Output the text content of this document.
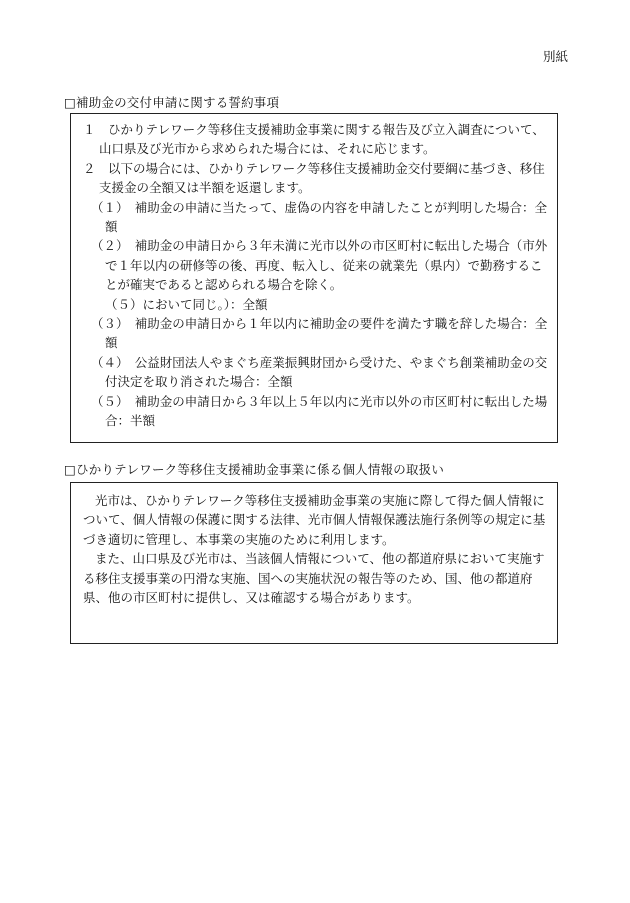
別紙
□補助金の交付申請に関する誓約事項

１　ひかりテレワーク等移住支援補助金事業に関する報告及び立入調査について、山口県及び光市から求められた場合には、それに応じます。

２　以下の場合には、ひかりテレワーク等移住支援補助金交付要綱に基づき、移住支援金の全額又は半額を返還します。

（１）　補助金の申請に当たって、虚偽の内容を申請したことが判明した場合：全額

（２）　補助金の申請日から３年未満に光市以外の市区町村に転出した場合（市外で１年以内の研修等の後、再度、転入し、従来の就業先（県内）で勤務することが確実であると認められる場合を除く。

（５）において同じ。）：全額

（３）　補助金の申請日から１年以内に補助金の要件を満たす職を辞した場合：全額

（４）　公益財団法人やまぐち産業振興財団から受けた、やまぐち創業補助金の交付決定を取り消された場合：全額

（５）　補助金の申請日から３年以上５年以内に光市以外の市区町村に転出した場合：半額

□ひかりテレワーク等移住支援補助金事業に係る個人情報の取扱い

光市は、ひかりテレワーク等移住支援補助金事業の実施に際して得た個人情報について、個人情報の保護に関する法律、光市個人情報保護法施行条例等の規定に基づき適切に管理し、本事業の実施のために利用します。

また、山口県及び光市は、当該個人情報について、他の都道府県において実施する移住支援事業の円滑な実施、国への実施状況の報告等のため、国、他の都道府県、他の市区町村に提供し、又は確認する場合があります。
